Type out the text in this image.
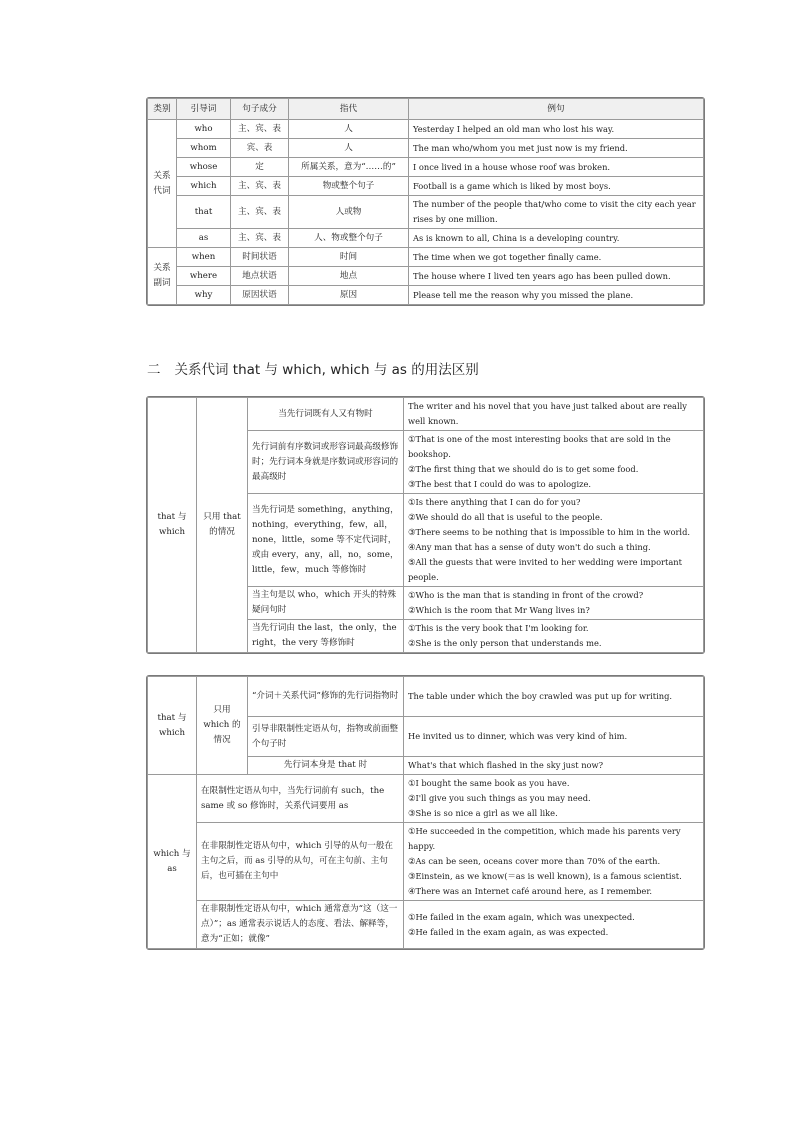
类别	引导词	句子成分	指代	例句
关系代词	who	主、宾、表	人	Yesterday I helped an old man who lost his way.
	whom	宾、表	人	The man who/whom you met just now is my friend.
	whose	定	所属关系，意为“……的”	I once lived in a house whose roof was broken.
	which	主、宾、表	物或整个句子	Football is a game which is liked by most boys.
	that	主、宾、表	人或物	The number of the people that/who come to visit the city each year rises by one million.
	as	主、宾、表	人、物或整个句子	As is known to all, China is a developing country.
关系副词	when	时间状语	时间	The time when we got together finally came.
	where	地点状语	地点	The house where I lived ten years ago has been pulled down.
	why	原因状语	原因	Please tell me the reason why you missed the plane.
二 关系代词 that 与 which, which 与 as 的用法区别
that 与 which	只用 that 的情况	当先行词既有人又有物时	The writer and his novel that you have just talked about are really well known.

		先行词前有序数词或形容词最高级修饰时；先行词本身就是序数词或形容词的最高级时	①That is one of the most interesting books that are sold in the bookshop.
②The first thing that we should do is to get some food.
③The best that I could do was to apologize.

		当先行词是 something，anything，nothing，everything，few，all，none，little，some 等不定代词时，或由 every，any，all，no，some，little，few，much 等修饰时	①Is there anything that I can do for you?
②We should do all that is useful to the people.
③There seems to be nothing that is impossible to him in the world.
④Any man that has a sense of duty won't do such a thing.
⑤All the guests that were invited to her wedding were important people.

		当主句是以 who，which 开头的特殊疑问句时	①Who is the man that is standing in front of the crowd?
②Which is the room that Mr Wang lives in?

		当先行词由 the last，the only，the right，the very 等修饰时	①This is the very book that I'm looking for.
②She is the only person that understands me.
that 与 which	只用 which 的情况	“介词＋关系代词”修饰的先行词指物时	The table under which the boy crawled was put up for writing.

		引导非限制性定语从句，指物或前面整个句子时	He invited us to dinner, which was very kind of him.

		先行词本身是 that 时	What's that which flashed in the sky just now?

which 与 as	在限制性定语从句中，当先行词前有 such，the same 或 so 修饰时，关系代词要用 as		①I bought the same book as you have.
②I'll give you such things as you may need.
③She is so nice a girl as we all like.

	在非限制性定语从句中，which 引导的从句一般在主句之后，而 as 引导的从句，可在主句前、主句后，也可插在主句中		①He succeeded in the competition, which made his parents very happy.
②As can be seen, oceans cover more than 70% of the earth.
③Einstein, as we know(＝as is well known), is a famous scientist.
④There was an Internet café around here, as I remember.

	在非限制性定语从句中，which 通常意为“这（这一点）”；as 通常表示说话人的态度、看法、解释等，意为“正如；就像”		①He failed in the exam again, which was unexpected.
②He failed in the exam again, as was expected.
